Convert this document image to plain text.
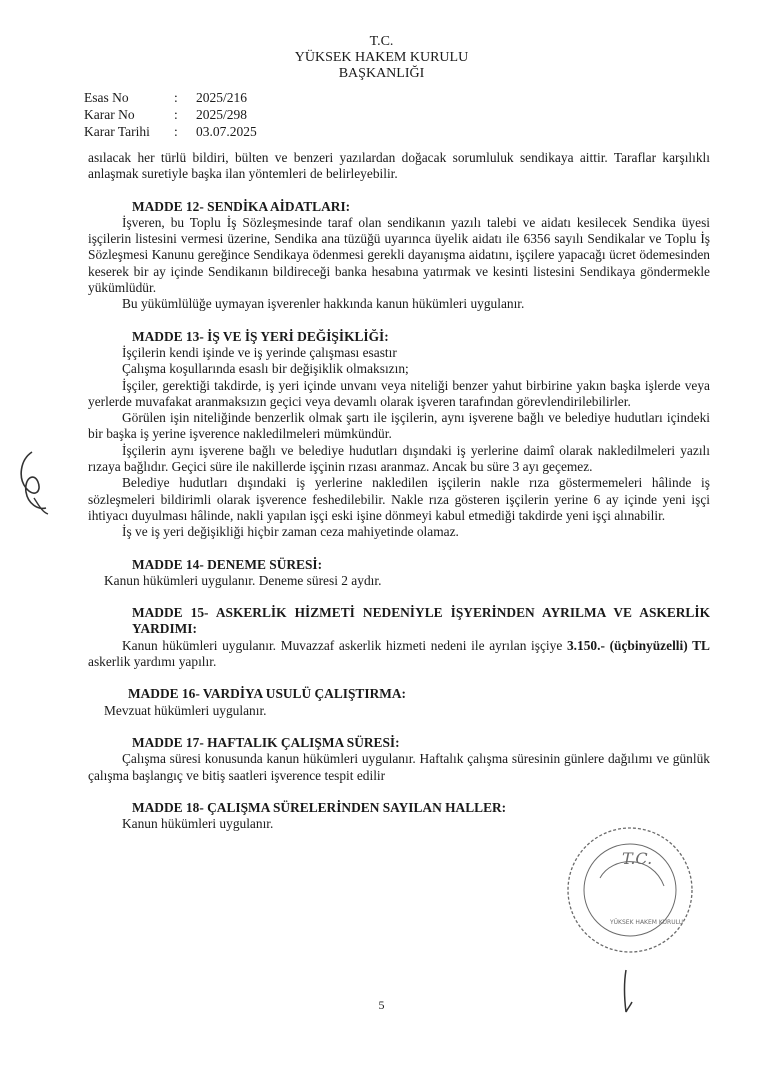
T.C.
YÜKSEK HAKEM KURULU
BAŞKANLIĞI
Esas No	:	2025/216
Karar No	:	2025/298
Karar Tarihi	:	03.07.2025

asılacak her türlü bildiri, bülten ve benzeri yazılardan doğacak sorumluluk sendikaya aittir. Taraflar karşılıklı anlaşmak suretiyle başka ilan yöntemleri de belirleyebilir.

MADDE 12- SENDİKA AİDATLARI:

İşveren, bu Toplu İş Sözleşmesinde taraf olan sendikanın yazılı talebi ve aidatı kesilecek Sendika üyesi işçilerin listesini vermesi üzerine, Sendika ana tüzüğü uyarınca üyelik aidatı ile 6356 sayılı Sendikalar ve Toplu İş Sözleşmesi Kanunu gereğince Sendikaya ödenmesi gerekli dayanışma aidatını, işçilere yapacağı ücret ödemesinden keserek bir ay içinde Sendikanın bildireceği banka hesabına yatırmak ve kesinti listesini Sendikaya göndermekle yükümlüdür.

Bu yükümlülüğe uymayan işverenler hakkında kanun hükümleri uygulanır.

MADDE 13- İŞ VE İŞ YERİ DEĞİŞİKLİĞİ:

İşçilerin kendi işinde ve iş yerinde çalışması esastır

Çalışma koşullarında esaslı bir değişiklik olmaksızın;

İşçiler, gerektiği takdirde, iş yeri içinde unvanı veya niteliği benzer yahut birbirine yakın başka işlerde veya yerlerde muvafakat aranmaksızın geçici veya devamlı olarak işveren tarafından görevlendirilebilirler.

Görülen işin niteliğinde benzerlik olmak şartı ile işçilerin, aynı işverene bağlı ve belediye hudutları içindeki bir başka iş yerine işverence nakledilmeleri mümkündür.

İşçilerin aynı işverene bağlı ve belediye hudutları dışındaki iş yerlerine daimî olarak nakledilmeleri yazılı rızaya bağlıdır. Geçici süre ile nakillerde işçinin rızası aranmaz. Ancak bu süre 3 ayı geçemez.

Belediye hudutları dışındaki iş yerlerine nakledilen işçilerin nakle rıza göstermemeleri hâlinde iş sözleşmeleri bildirimli olarak işverence feshedilebilir. Nakle rıza gösteren işçilerin yerine 6 ay içinde yeni işçi ihtiyacı duyulması hâlinde, nakli yapılan işçi eski işine dönmeyi kabul etmediği takdirde yeni işçi alınabilir.

İş ve iş yeri değişikliği hiçbir zaman ceza mahiyetinde olamaz.

MADDE 14- DENEME SÜRESİ:

Kanun hükümleri uygulanır. Deneme süresi 2 aydır.

MADDE 15- ASKERLİK HİZMETİ NEDENİYLE İŞYERİNDEN AYRILMA VE ASKERLİK YARDIMI:

Kanun hükümleri uygulanır. Muvazzaf askerlik hizmeti nedeni ile ayrılan işçiye 3.150.- (üçbinyüzelli) TL askerlik yardımı yapılır.

MADDE 16- VARDİYA USULÜ ÇALIŞTIRMA:

Mevzuat hükümleri uygulanır.

MADDE 17- HAFTALIK ÇALIŞMA SÜRESİ:

Çalışma süresi konusunda kanun hükümleri uygulanır. Haftalık çalışma süresinin günlere dağılımı ve günlük çalışma başlangıç ve bitiş saatleri işverence tespit edilir

MADDE 18- ÇALIŞMA SÜRELERİNDEN SAYILAN HALLER:

Kanun hükümleri uygulanır.

T.C.
YÜKSEK HAKEM KURULU
5
